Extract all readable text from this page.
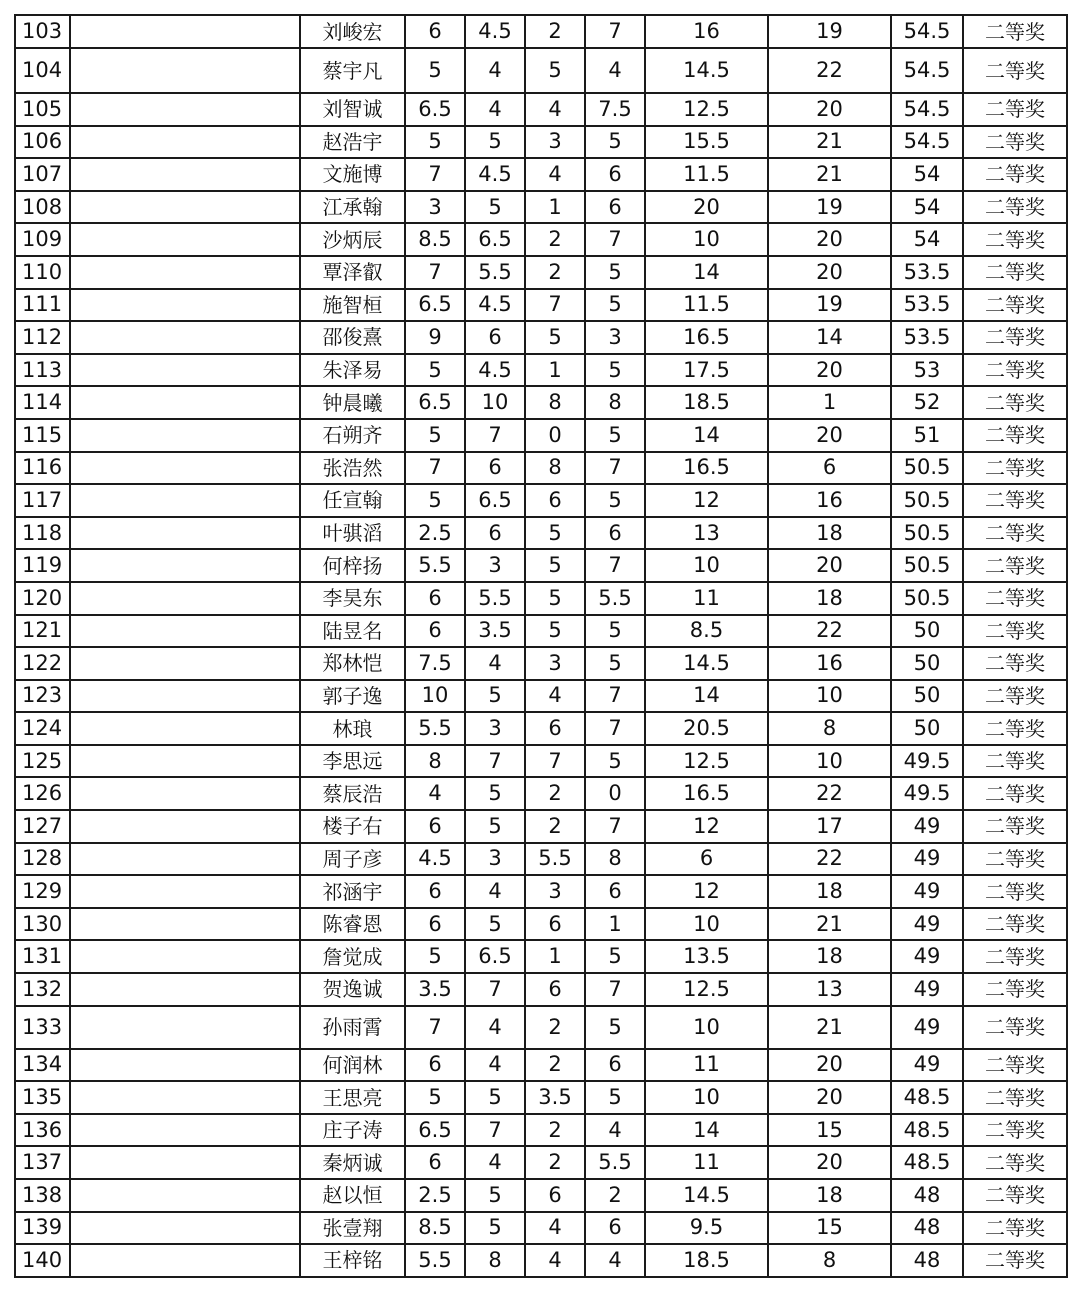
103		刘峻宏	6	4.5	2	7	16	19	54.5	二等奖
104		蔡宇凡	5	4	5	4	14.5	22	54.5	二等奖
105		刘智诚	6.5	4	4	7.5	12.5	20	54.5	二等奖
106		赵浩宇	5	5	3	5	15.5	21	54.5	二等奖
107		文施博	7	4.5	4	6	11.5	21	54	二等奖
108		江承翰	3	5	1	6	20	19	54	二等奖
109		沙炳辰	8.5	6.5	2	7	10	20	54	二等奖
110		覃泽叡	7	5.5	2	5	14	20	53.5	二等奖
111		施智桓	6.5	4.5	7	5	11.5	19	53.5	二等奖
112		邵俊熹	9	6	5	3	16.5	14	53.5	二等奖
113		朱泽易	5	4.5	1	5	17.5	20	53	二等奖
114		钟晨曦	6.5	10	8	8	18.5	1	52	二等奖
115		石朔齐	5	7	0	5	14	20	51	二等奖
116		张浩然	7	6	8	7	16.5	6	50.5	二等奖
117		任宣翰	5	6.5	6	5	12	16	50.5	二等奖
118		叶骐滔	2.5	6	5	6	13	18	50.5	二等奖
119		何梓扬	5.5	3	5	7	10	20	50.5	二等奖
120		李昊东	6	5.5	5	5.5	11	18	50.5	二等奖
121		陆昱名	6	3.5	5	5	8.5	22	50	二等奖
122		郑林恺	7.5	4	3	5	14.5	16	50	二等奖
123		郭子逸	10	5	4	7	14	10	50	二等奖
124		林琅	5.5	3	6	7	20.5	8	50	二等奖
125		李思远	8	7	7	5	12.5	10	49.5	二等奖
126		蔡辰浩	4	5	2	0	16.5	22	49.5	二等奖
127		楼子右	6	5	2	7	12	17	49	二等奖
128		周子彦	4.5	3	5.5	8	6	22	49	二等奖
129		祁涵宇	6	4	3	6	12	18	49	二等奖
130		陈睿恩	6	5	6	1	10	21	49	二等奖
131		詹觉成	5	6.5	1	5	13.5	18	49	二等奖
132		贺逸诚	3.5	7	6	7	12.5	13	49	二等奖
133		孙雨霄	7	4	2	5	10	21	49	二等奖
134		何润林	6	4	2	6	11	20	49	二等奖
135		王思亮	5	5	3.5	5	10	20	48.5	二等奖
136		庄子涛	6.5	7	2	4	14	15	48.5	二等奖
137		秦炳诚	6	4	2	5.5	11	20	48.5	二等奖
138		赵以恒	2.5	5	6	2	14.5	18	48	二等奖
139		张壹翔	8.5	5	4	6	9.5	15	48	二等奖
140		王梓铭	5.5	8	4	4	18.5	8	48	二等奖
